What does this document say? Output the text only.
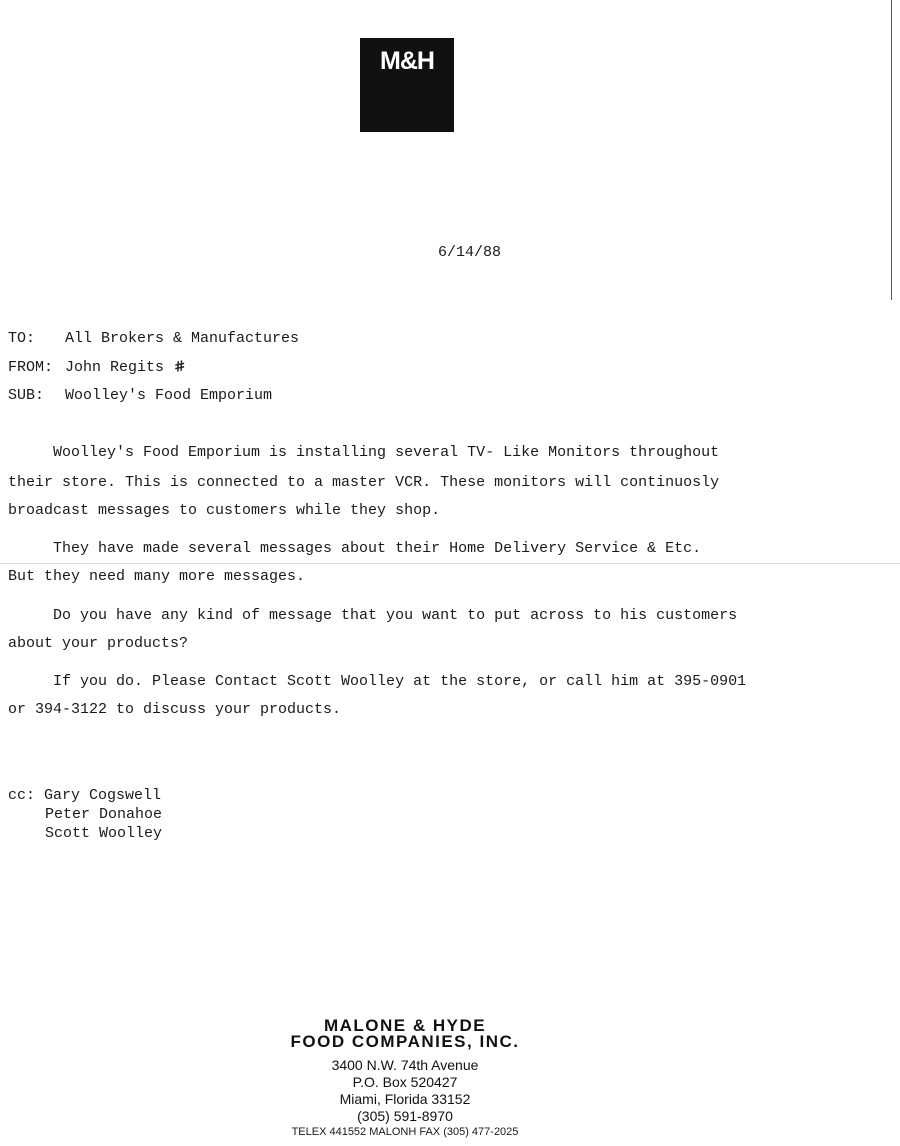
M&H
6/14/88
TO: All Brokers & Manufactures
FROM: John Regits #
SUB: Woolley's Food Emporium
Woolley's Food Emporium is installing several TV- Like Monitors throughout
their store. This is connected to a master VCR. These monitors will continuosly
broadcast messages to customers while they shop.
They have made several messages about their Home Delivery Service & Etc.
But they need many more messages.
Do you have any kind of message that you want to put across to his customers
about your products?
If you do. Please Contact Scott Woolley at the store, or call him at 395-0901
or 394-3122 to discuss your products.
cc: Gary Cogswell
Peter Donahoe
Scott Woolley
MALONE & HYDE
FOOD COMPANIES, INC.
3400 N.W. 74th Avenue
P.O. Box 520427
Miami, Florida 33152
(305) 591-8970
TELEX 441552 MALONH FAX (305) 477-2025
